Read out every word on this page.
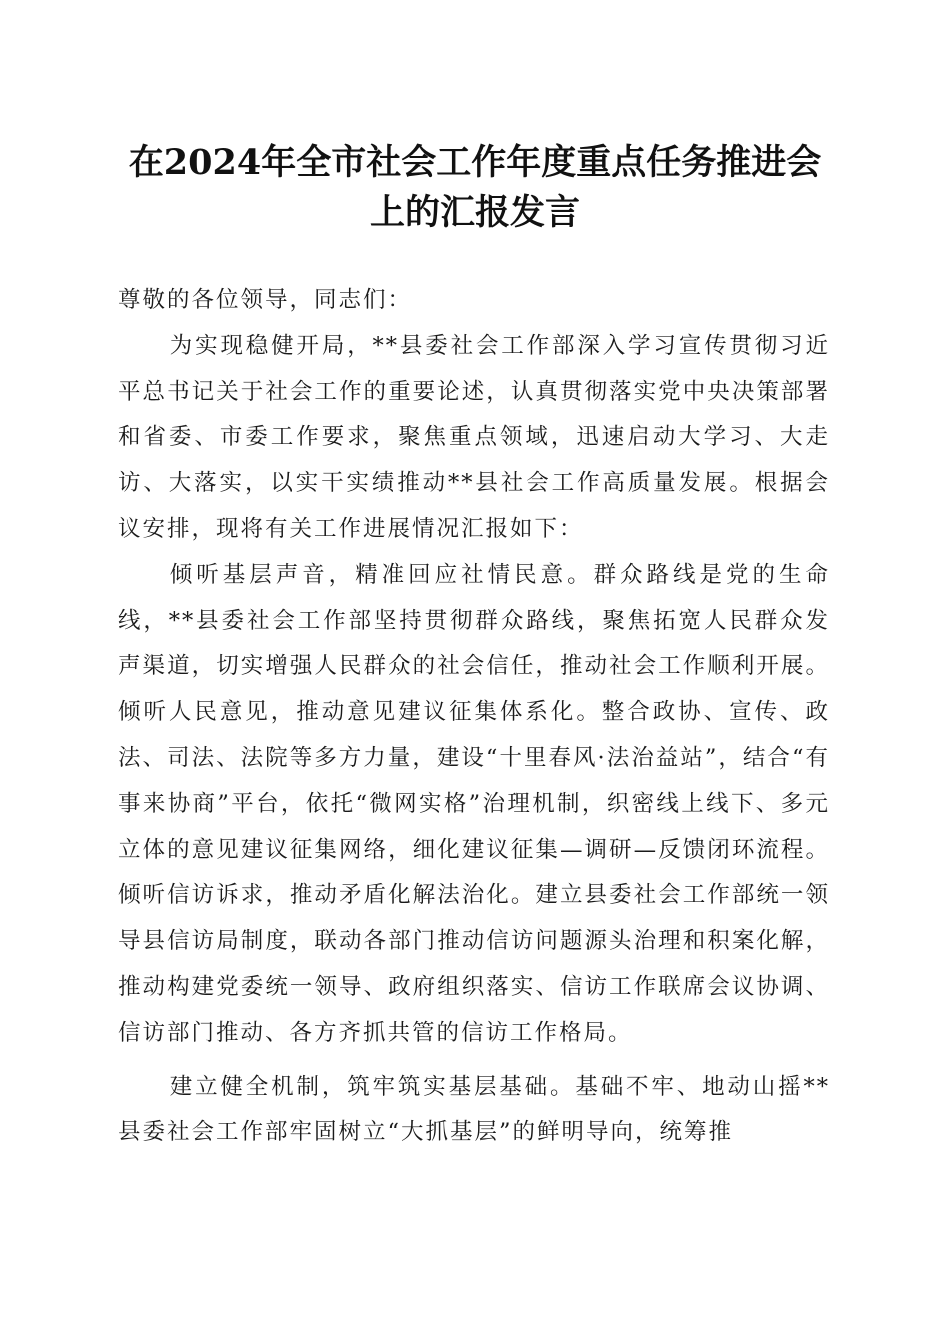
在2024年全市社会工作年度重点任务推进会
上的汇报发言

尊敬的各位领导，同志们：

为实现稳健开局，**县委社会工作部深入学习宣传贯彻习近平总书记关于社会工作的重要论述，认真贯彻落实党中央决策部署和省委、市委工作要求，聚焦重点领域，迅速启动大学习、大走访、大落实，以实干实绩推动**县社会工作高质量发展。根据会议安排，现将有关工作进展情况汇报如下：

倾听基层声音，精准回应社情民意。群众路线是党的生命线，**县委社会工作部坚持贯彻群众路线，聚焦拓宽人民群众发声渠道，切实增强人民群众的社会信任，推动社会工作顺利开展。倾听人民意见，推动意见建议征集体系化。整合政协、宣传、政法、司法、法院等多方力量，建设“十里春风·法治益站”，结合“有事来协商”平台，依托“微网实格”治理机制，织密线上线下、多元立体的意见建议征集网络，细化建议征集—调研—反馈闭环流程。倾听信访诉求，推动矛盾化解法治化。建立县委社会工作部统一领导县信访局制度，联动各部门推动信访问题源头治理和积案化解，推动构建党委统一领导、政府组织落实、信访工作联席会议协调、信访部门推动、各方齐抓共管的信访工作格局。

建立健全机制，筑牢筑实基层基础。基础不牢、地动山摇**县委社会工作部牢固树立“大抓基层”的鲜明导向，统筹推
